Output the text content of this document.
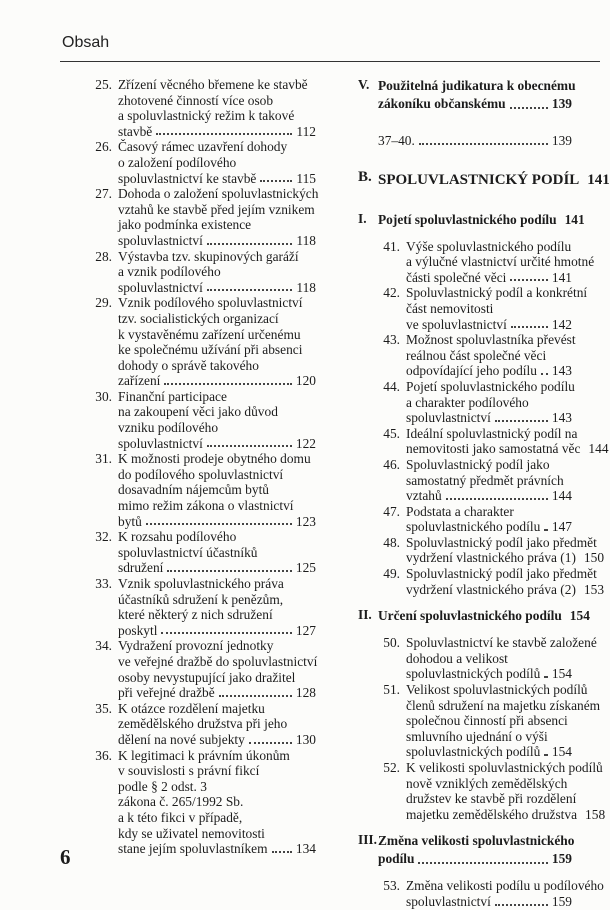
Obsah
25. Zřízení věcného břemene ke stavbě
zhotovené činností více osob
a spoluvlastnický režim k takové
stavbě	112
26. Časový rámec uzavření dohody
o založení podílového
spoluvlastnictví ke stavbě	115
27. Dohoda o založení spoluvlastnických
vztahů ke stavbě před jejím vznikem
jako podmínka existence
spoluvlastnictví	118
28. Výstavba tzv. skupinových garáží
a vznik podílového
spoluvlastnictví	118
29. Vznik podílového spoluvlastnictví
tzv. socialistických organizací
k vystavěnému zařízení určenému
ke společnému užívání při absenci
dohody o správě takového
zařízení	120
30. Finanční participace
na zakoupení věci jako důvod
vzniku podílového
spoluvlastnictví	122
31. K možnosti prodeje obytného domu
do podílového spoluvlastnictví
dosavadním nájemcům bytů
mimo režim zákona o vlastnictví
bytů	123
32. K rozsahu podílového
spoluvlastnictví účastníků
sdružení	125
33. Vznik spoluvlastnického práva
účastníků sdružení k penězům,
které některý z nich sdružení
poskytl	127
34. Vydražení provozní jednotky
ve veřejné dražbě do spoluvlastnictví
osoby nevystupující jako dražitel
při veřejné dražbě	128
35. K otázce rozdělení majetku
zemědělského družstva při jeho
dělení na nové subjekty	130
36. K legitimaci k právním úkonům
v souvislosti s právní fikcí
podle § 2 odst. 3
zákona č. 265/1992 Sb.
a k této fikci v případě,
kdy se uživatel nemovitosti
stane jejím spoluvlastníkem 134
V. Použitelná judikatura k obecnému
zákoníku občanskému	139
37–40.	139
B. SPOLUVLASTNICKÝ PODÍL 141
I. Pojetí spoluvlastnického podílu 141
41. Výše spoluvlastnického podílu
a výlučné vlastnictví určité hmotné
části společné věci	141
42. Spoluvlastnický podíl a konkrétní
část nemovitosti
ve spoluvlastnictví	142
43. Možnost spoluvlastníka převést
reálnou část společné věci
odpovídající jeho podílu 143
44. Pojetí spoluvlastnického podílu
a charakter podílového
spoluvlastnictví	143
45. Ideální spoluvlastnický podíl na
nemovitosti jako samostatná věc 144
46. Spoluvlastnický podíl jako
samostatný předmět právních
vztahů	144
47. Podstata a charakter
spoluvlastnického podílu 147
48. Spoluvlastnický podíl jako předmět
vydržení vlastnického práva (1) 150
49. Spoluvlastnický podíl jako předmět
vydržení vlastnického práva (2) 153
II. Určení spoluvlastnického podílu 154
50. Spoluvlastnictví ke stavbě založené
dohodou a velikost
spoluvlastnických podílů 154
51. Velikost spoluvlastnických podílů
členů sdružení na majetku získaném
společnou činností při absenci
smluvního ujednání o výši
spoluvlastnických podílů 154
52. K velikosti spoluvlastnických podílů
nově vzniklých zemědělských
družstev ke stavbě při rozdělení
majetku zemědělského družstva 158
III. Změna velikosti spoluvlastnického
podílu	159
53. Změna velikosti podílu u podílového
spoluvlastnictví	159
6
